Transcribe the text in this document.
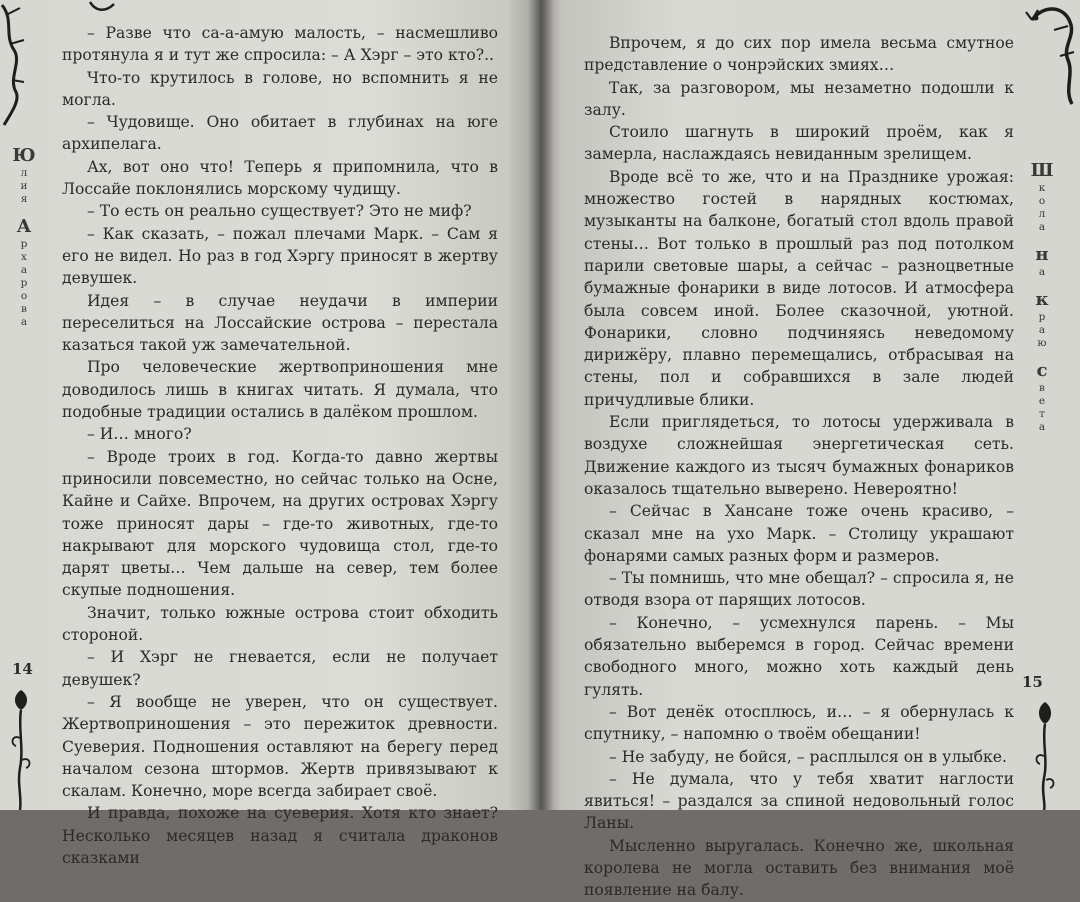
Ю
л
и
я
А
р
х
а
р
о
в
а

– Разве что са-а-амую малость, – насмешливо протянула я и тут же спросила: – А Хэрг – это кто?..

Что-то крутилось в голове, но вспомнить я не могла.

– Чудовище. Оно обитает в глубинах на юге архипелага.

Ах, вот оно что! Теперь я припомнила, что в Лоссайе поклонялись морскому чудищу.

– То есть он реально существует? Это не миф?

– Как сказать, – пожал плечами Марк. – Сам я его не видел. Но раз в год Хэргу приносят в жертву девушек.

Идея – в случае неудачи в империи переселиться на Лоссайские острова – перестала казаться такой уж замечательной.

Про человеческие жертвоприношения мне доводилось лишь в книгах читать. Я думала, что подобные традиции остались в далёком прошлом.

– И… много?

– Вроде троих в год. Когда-то давно жертвы приносили повсеместно, но сейчас только на Осне, Кайне и Сайхе. Впрочем, на других островах Хэргу тоже приносят дары – где-то животных, где-то накрывают для морского чудовища стол, где-то дарят цветы… Чем дальше на север, тем более скупые подношения.

Значит, только южные острова стоит обходить стороной.

– И Хэрг не гневается, если не получает девушек?

– Я вообще не уверен, что он существует. Жертвоприношения – это пережиток древности. Суеверия. Подношения оставляют на берегу перед началом сезона штормов. Жертв привязывают к скалам. Конечно, море всегда забирает своё.

И правда, похоже на суеверия. Хотя кто знает? Несколько месяцев назад я считала драконов сказками

14

Впрочем, я до сих пор имела весьма смутное представление о чонрэйских змиях…

Так, за разговором, мы незаметно подошли к залу.

Стоило шагнуть в широкий проём, как я замерла, наслаждаясь невиданным зрелищем.

Вроде всё то же, что и на Празднике урожая: множество гостей в нарядных костюмах, музыканты на балконе, богатый стол вдоль правой стены… Вот только в прошлый раз под потолком парили световые шары, а сейчас – разноцветные бумажные фонарики в виде лотосов. И атмосфера была совсем иной. Более сказочной, уютной. Фонарики, словно подчиняясь неведомому дирижёру, плавно перемещались, отбрасывая на стены, пол и собравшихся в зале людей причудливые блики.

Если приглядеться, то лотосы удерживала в воздухе сложнейшая энергетическая сеть. Движение каждого из тысяч бумажных фонариков оказалось тщательно выверено. Невероятно!

– Сейчас в Хансане тоже очень красиво, – сказал мне на ухо Марк. – Столицу украшают фонарями самых разных форм и размеров.

– Ты помнишь, что мне обещал? – спросила я, не отводя взора от парящих лотосов.

– Конечно, – усмехнулся парень. – Мы обязательно выберемся в город. Сейчас времени свободного много, можно хоть каждый день гулять.

– Вот денёк отосплюсь, и… – я обернулась к спутнику, – напомню о твоём обещании!

– Не забуду, не бойся, – расплылся он в улыбке.

– Не думала, что у тебя хватит наглости явиться! – раздался за спиной недовольный голос Ланы.

Мысленно выругалась. Конечно же, школьная королева не могла оставить без внимания моё появление на балу.

Ш
к
о
л
а
н
а
к
р
а
ю
с
в
е
т
а
15
